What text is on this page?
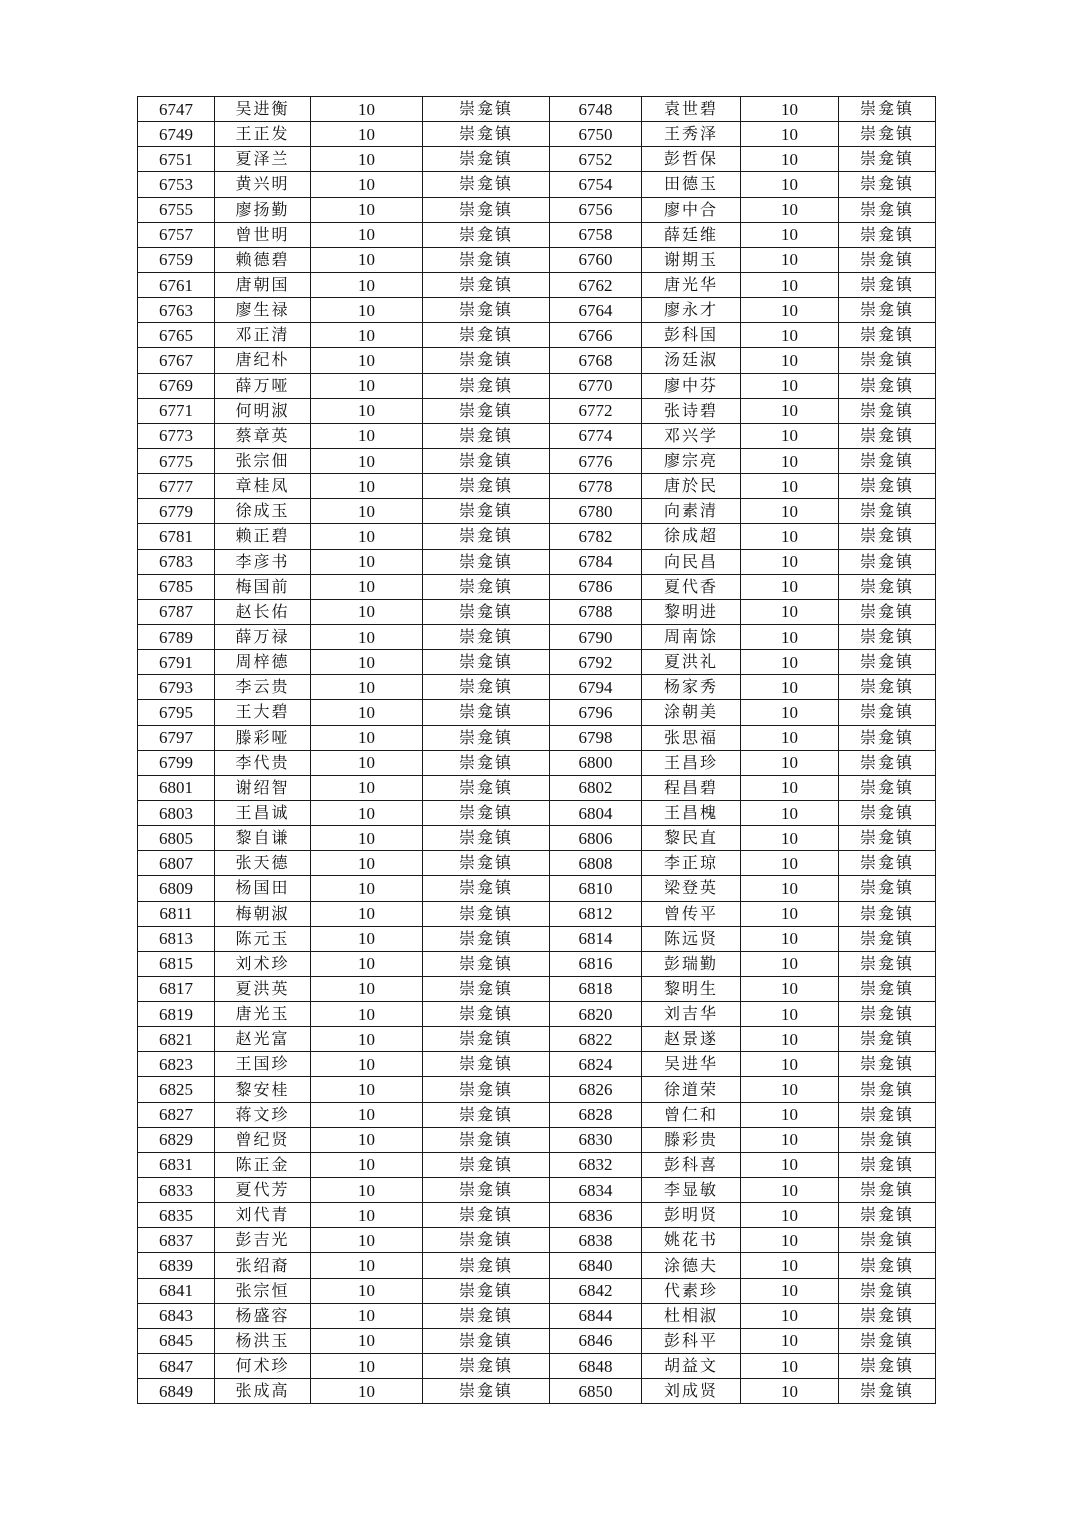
6747	吴进衡	10	崇龛镇	6748	袁世碧	10	崇龛镇
6749	王正发	10	崇龛镇	6750	王秀泽	10	崇龛镇
6751	夏泽兰	10	崇龛镇	6752	彭哲保	10	崇龛镇
6753	黄兴明	10	崇龛镇	6754	田德玉	10	崇龛镇
6755	廖扬勤	10	崇龛镇	6756	廖中合	10	崇龛镇
6757	曾世明	10	崇龛镇	6758	薛廷维	10	崇龛镇
6759	赖德碧	10	崇龛镇	6760	谢期玉	10	崇龛镇
6761	唐朝国	10	崇龛镇	6762	唐光华	10	崇龛镇
6763	廖生禄	10	崇龛镇	6764	廖永才	10	崇龛镇
6765	邓正清	10	崇龛镇	6766	彭科国	10	崇龛镇
6767	唐纪朴	10	崇龛镇	6768	汤廷淑	10	崇龛镇
6769	薛万哑	10	崇龛镇	6770	廖中芬	10	崇龛镇
6771	何明淑	10	崇龛镇	6772	张诗碧	10	崇龛镇
6773	蔡章英	10	崇龛镇	6774	邓兴学	10	崇龛镇
6775	张宗佃	10	崇龛镇	6776	廖宗亮	10	崇龛镇
6777	章桂凤	10	崇龛镇	6778	唐於民	10	崇龛镇
6779	徐成玉	10	崇龛镇	6780	向素清	10	崇龛镇
6781	赖正碧	10	崇龛镇	6782	徐成超	10	崇龛镇
6783	李彦书	10	崇龛镇	6784	向民昌	10	崇龛镇
6785	梅国前	10	崇龛镇	6786	夏代香	10	崇龛镇
6787	赵长佑	10	崇龛镇	6788	黎明进	10	崇龛镇
6789	薛万禄	10	崇龛镇	6790	周南馀	10	崇龛镇
6791	周梓德	10	崇龛镇	6792	夏洪礼	10	崇龛镇
6793	李云贵	10	崇龛镇	6794	杨家秀	10	崇龛镇
6795	王大碧	10	崇龛镇	6796	涂朝美	10	崇龛镇
6797	滕彩哑	10	崇龛镇	6798	张思福	10	崇龛镇
6799	李代贵	10	崇龛镇	6800	王昌珍	10	崇龛镇
6801	谢绍智	10	崇龛镇	6802	程昌碧	10	崇龛镇
6803	王昌诚	10	崇龛镇	6804	王昌槐	10	崇龛镇
6805	黎自谦	10	崇龛镇	6806	黎民直	10	崇龛镇
6807	张天德	10	崇龛镇	6808	李正琼	10	崇龛镇
6809	杨国田	10	崇龛镇	6810	梁登英	10	崇龛镇
6811	梅朝淑	10	崇龛镇	6812	曾传平	10	崇龛镇
6813	陈元玉	10	崇龛镇	6814	陈远贤	10	崇龛镇
6815	刘术珍	10	崇龛镇	6816	彭瑞勤	10	崇龛镇
6817	夏洪英	10	崇龛镇	6818	黎明生	10	崇龛镇
6819	唐光玉	10	崇龛镇	6820	刘吉华	10	崇龛镇
6821	赵光富	10	崇龛镇	6822	赵景遂	10	崇龛镇
6823	王国珍	10	崇龛镇	6824	吴进华	10	崇龛镇
6825	黎安桂	10	崇龛镇	6826	徐道荣	10	崇龛镇
6827	蒋文珍	10	崇龛镇	6828	曾仁和	10	崇龛镇
6829	曾纪贤	10	崇龛镇	6830	滕彩贵	10	崇龛镇
6831	陈正金	10	崇龛镇	6832	彭科喜	10	崇龛镇
6833	夏代芳	10	崇龛镇	6834	李显敏	10	崇龛镇
6835	刘代青	10	崇龛镇	6836	彭明贤	10	崇龛镇
6837	彭吉光	10	崇龛镇	6838	姚花书	10	崇龛镇
6839	张绍裔	10	崇龛镇	6840	涂德夫	10	崇龛镇
6841	张宗恒	10	崇龛镇	6842	代素珍	10	崇龛镇
6843	杨盛容	10	崇龛镇	6844	杜相淑	10	崇龛镇
6845	杨洪玉	10	崇龛镇	6846	彭科平	10	崇龛镇
6847	何术珍	10	崇龛镇	6848	胡益文	10	崇龛镇
6849	张成高	10	崇龛镇	6850	刘成贤	10	崇龛镇
